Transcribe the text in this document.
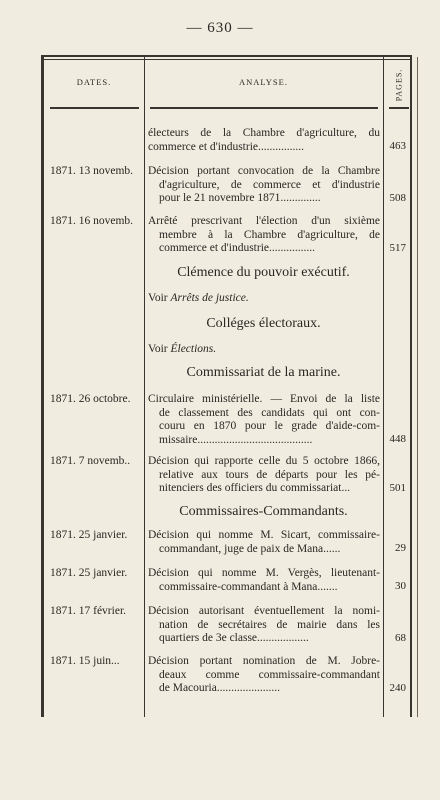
— 630 —
DATES.	ANALYSE.	PAGES.
électeurs de la Chambre d'agriculture, du
commerce et d'industrie................	463
1871. 13 novemb.	Décision portant convocation de la Chambre
d'agriculture, de commerce et d'industrie
pour le 21 novembre 1871..............	508
1871. 16 novemb.	Arrêté prescrivant l'élection d'un sixième
membre à la Chambre d'agriculture, de
commerce et d'industrie................	517
Clémence du pouvoir exécutif.
Voir Arrêts de justice.
Colléges électoraux.
Voir Élections.
Commissariat de la marine.
1871. 26 octobre.	Circulaire ministérielle. — Envoi de la liste
de classement des candidats qui ont con-
couru en 1870 pour le grade d'aide-com-
missaire........................................	448
1871. 7 novemb..	Décision qui rapporte celle du 5 octobre 1866,
relative aux tours de départs pour les pé-
nitenciers des officiers du commissariat...	501
Commissaires-Commandants.
1871. 25 janvier.	Décision qui nomme M. Sicart, commissaire-
commandant, juge de paix de Mana......	29
1871. 25 janvier.	Décision qui nomme M. Vergès, lieutenant-
commissaire-commandant à Mana.......	30
1871. 17 février.	Décision autorisant éventuellement la nomi-
nation de secrétaires de mairie dans les
quartiers de 3e classe..................	68
1871. 15 juin...	Décision portant nomination de M. Jobre-
deaux comme commissaire-commandant
de Macouria......................	240
